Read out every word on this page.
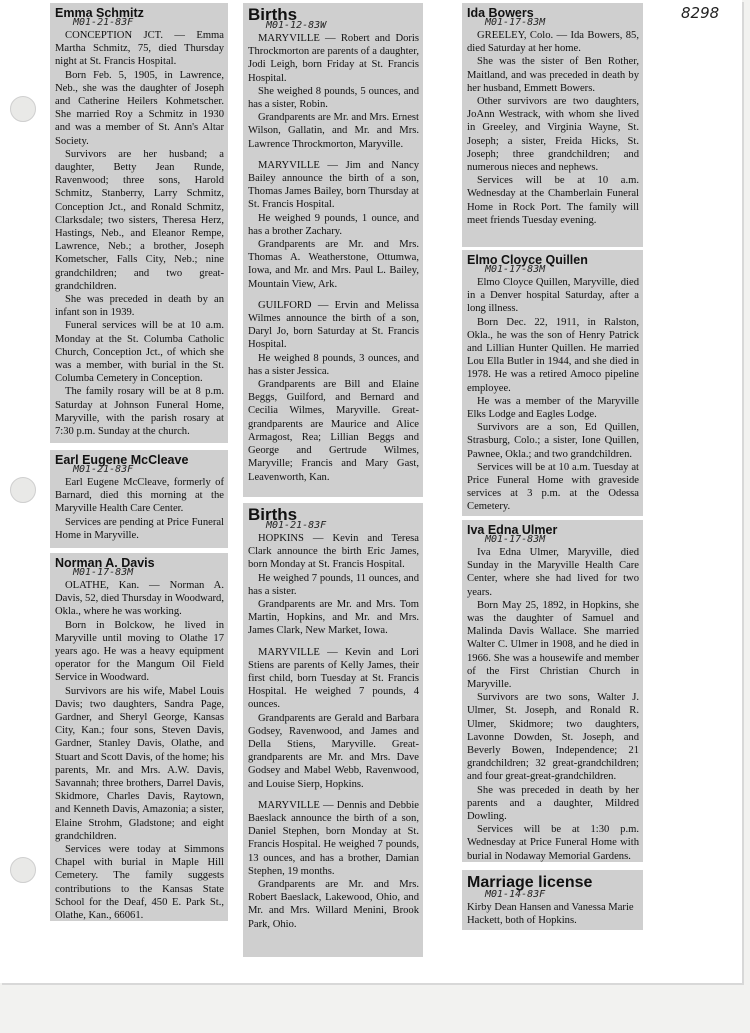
8298
Emma Schmitz
M01-21-83F

CONCEPTION JCT. — Emma Martha Schmitz, 75, died Thursday night at St. Francis Hospital.

Born Feb. 5, 1905, in Lawrence, Neb., she was the daughter of Joseph and Catherine Heilers Kohmetscher. She married Roy a Schmitz in 1930 and was a member of St. Ann's Altar Society.

Survivors are her husband; a daughter, Betty Jean Runde, Ravenwood; three sons, Harold Schmitz, Stanberry, Larry Schmitz, Conception Jct., and Ronald Schmitz, Clarksdale; two sisters, Theresa Herz, Hastings, Neb., and Eleanor Rempe, Lawrence, Neb.; a brother, Joseph Kometscher, Falls City, Neb.; nine grandchildren; and two great-grandchildren.

She was preceded in death by an infant son in 1939.

Funeral services will be at 10 a.m. Monday at the St. Columba Catholic Church, Conception Jct., of which she was a member, with burial in the St. Columba Cemetery in Conception.

The family rosary will be at 8 p.m. Saturday at Johnson Funeral Home, Maryville, with the parish rosary at 7:30 p.m. Sunday at the church.

Earl Eugene McCleave
M01-21-83F

Earl Eugene McCleave, formerly of Barnard, died this morning at the Maryville Health Care Center.

Services are pending at Price Funeral Home in Maryville.

Norman A. Davis
M01-17-83M

OLATHE, Kan. — Norman A. Davis, 52, died Thursday in Woodward, Okla., where he was working.

Born in Bolckow, he lived in Maryville until moving to Olathe 17 years ago. He was a heavy equipment operator for the Mangum Oil Field Service in Woodward.

Survivors are his wife, Mabel Louis Davis; two daughters, Sandra Page, Gardner, and Sheryl George, Kansas City, Kan.; four sons, Steven Davis, Gardner, Stanley Davis, Olathe, and Stuart and Scott Davis, of the home; his parents, Mr. and Mrs. A.W. Davis, Savannah; three brothers, Darrel Davis, Skidmore, Charles Davis, Raytown, and Kenneth Davis, Amazonia; a sister, Elaine Strohm, Gladstone; and eight grandchildren.

Services were today at Simmons Chapel with burial in Maple Hill Cemetery. The family suggests contributions to the Kansas State School for the Deaf, 450 E. Park St., Olathe, Kan., 66061.

Births
M01-12-83W

MARYVILLE — Robert and Doris Throckmorton are parents of a daughter, Jodi Leigh, born Friday at St. Francis Hospital.

She weighed 8 pounds, 5 ounces, and has a sister, Robin.

Grandparents are Mr. and Mrs. Ernest Wilson, Gallatin, and Mr. and Mrs. Lawrence Throckmorton, Maryville.

MARYVILLE — Jim and Nancy Bailey announce the birth of a son, Thomas James Bailey, born Thursday at St. Francis Hospital.

He weighed 9 pounds, 1 ounce, and has a brother Zachary.

Grandparents are Mr. and Mrs. Thomas A. Weatherstone, Ottumwa, Iowa, and Mr. and Mrs. Paul L. Bailey, Mountain View, Ark.

GUILFORD — Ervin and Melissa Wilmes announce the birth of a son, Daryl Jo, born Saturday at St. Francis Hospital.

He weighed 8 pounds, 3 ounces, and has a sister Jessica.

Grandparents are Bill and Elaine Beggs, Guilford, and Bernard and Cecilia Wilmes, Maryville. Great-grandparents are Maurice and Alice Armagost, Rea; Lillian Beggs and George and Gertrude Wilmes, Maryville; Francis and Mary Gast, Leavenworth, Kan.

Births
M01-21-83F

HOPKINS — Kevin and Teresa Clark announce the birth Eric James, born Monday at St. Francis Hospital.

He weighed 7 pounds, 11 ounces, and has a sister.

Grandparents are Mr. and Mrs. Tom Martin, Hopkins, and Mr. and Mrs. James Clark, New Market, Iowa.

MARYVILLE — Kevin and Lori Stiens are parents of Kelly James, their first child, born Tuesday at St. Francis Hospital. He weighed 7 pounds, 4 ounces.

Grandparents are Gerald and Barbara Godsey, Ravenwood, and James and Della Stiens, Maryville. Great-grandparents are Mr. and Mrs. Dave Godsey and Mabel Webb, Ravenwood, and Louise Sierp, Hopkins.

MARYVILLE — Dennis and Debbie Baeslack announce the birth of a son, Daniel Stephen, born Monday at St. Francis Hospital. He weighed 7 pounds, 13 ounces, and has a brother, Damian Stephen, 19 months.

Grandparents are Mr. and Mrs. Robert Baeslack, Lakewood, Ohio, and Mr. and Mrs. Willard Menini, Brook Park, Ohio.

Ida Bowers
M01-17-83M

GREELEY, Colo. — Ida Bowers, 85, died Saturday at her home.

She was the sister of Ben Rother, Maitland, and was preceded in death by her husband, Emmett Bowers.

Other survivors are two daughters, JoAnn Westrack, with whom she lived in Greeley, and Virginia Wayne, St. Joseph; a sister, Freida Hicks, St. Joseph; three grandchildren; and numerous nieces and nephews.

Services will be at 10 a.m. Wednesday at the Chamberlain Funeral Home in Rock Port. The family will meet friends Tuesday evening.

Elmo Cloyce Quillen
M01-17-83M

Elmo Cloyce Quillen, Maryville, died in a Denver hospital Saturday, after a long illness.

Born Dec. 22, 1911, in Ralston, Okla., he was the son of Henry Patrick and Lillian Hunter Quillen. He married Lou Ella Butler in 1944, and she died in 1978. He was a retired Amoco pipeline employee.

He was a member of the Maryville Elks Lodge and Eagles Lodge.

Survivors are a son, Ed Quillen, Strasburg, Colo.; a sister, Ione Quillen, Pawnee, Okla.; and two grandchildren.

Services will be at 10 a.m. Tuesday at Price Funeral Home with graveside services at 3 p.m. at the Odessa Cemetery.

Iva Edna Ulmer
M01-17-83M

Iva Edna Ulmer, Maryville, died Sunday in the Maryville Health Care Center, where she had lived for two years.

Born May 25, 1892, in Hopkins, she was the daughter of Samuel and Malinda Davis Wallace. She married Walter C. Ulmer in 1908, and he died in 1966. She was a housewife and member of the First Christian Church in Maryville.

Survivors are two sons, Walter J. Ulmer, St. Joseph, and Ronald R. Ulmer, Skidmore; two daughters, Lavonne Dowden, St. Joseph, and Beverly Bowen, Independence; 21 grandchildren; 32 great-grandchildren; and four great-great-grandchildren.

She was preceded in death by her parents and a daughter, Mildred Dowling.

Services will be at 1:30 p.m. Wednesday at Price Funeral Home with burial in Nodaway Memorial Gardens.

Marriage license
M01-14-83F

Kirby Dean Hansen and Vanessa Marie Hackett, both of Hopkins.
